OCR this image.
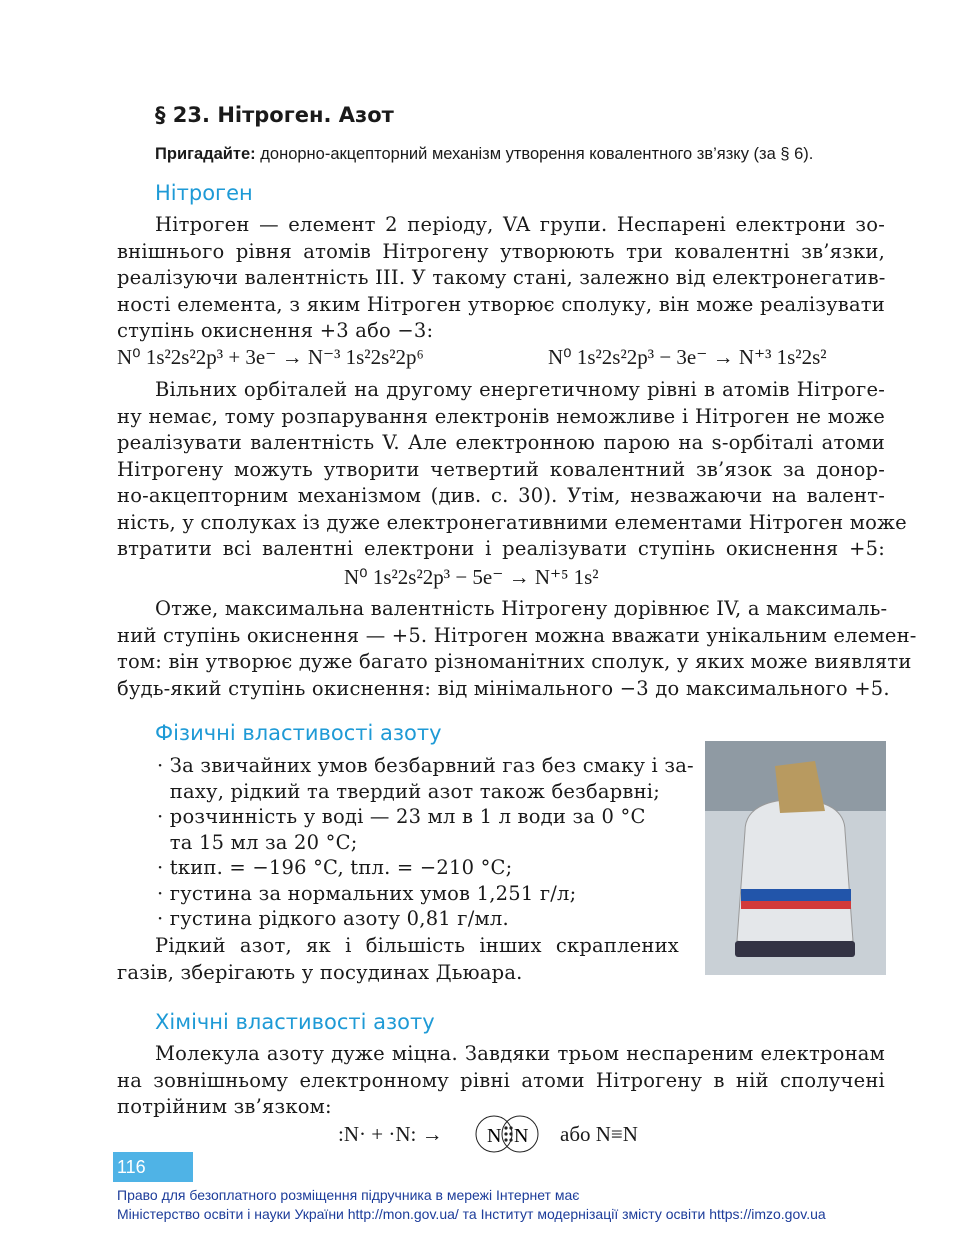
§ 23. Нітроген. Азот
Пригадайте: донорно-акцепторний механізм утворення ковалентного зв’язку (за § 6).
Нітроген
Нітроген — елемент 2 періоду, VA групи. Неспарені електрони зо-
внішнього рівня атомів Нітрогену утворюють три ковалентні зв’язки,
реалізуючи валентність III. У такому стані, залежно від електронегатив-
ності елемента, з яким Нітроген утворює сполуку, він може реалізувати
ступінь окиснення +3 або −3:
N⁰ 1s²2s²2p³ + 3e⁻ → N⁻³ 1s²2s²2p⁶	N⁰ 1s²2s²2p³ − 3e⁻ → N⁺³ 1s²2s²
Вільних орбіталей на другому енергетичному рівні в атомів Нітроге-
ну немає, тому розпарування електронів неможливе і Нітроген не може
реалізувати валентність V. Але електронною парою на s-орбіталі атоми
Нітрогену можуть утворити четвертий ковалентний зв’язок за донор-
но-акцепторним механізмом (див. с. 30). Утім, незважаючи на валент-
ність, у сполуках із дуже електронегативними елементами Нітроген може
втратити всі валентні електрони і реалізувати ступінь окиснення +5:
N⁰ 1s²2s²2p³ − 5e⁻ → N⁺⁵ 1s²
Отже, максимальна валентність Нітрогену дорівнює IV, а максималь-
ний ступінь окиснення — +5. Нітроген можна вважати унікальним елемен-
том: він утворює дуже багато різноманітних сполук, у яких може виявляти
будь-який ступінь окиснення: від мінімального −3 до максимального +5.
Фізичні властивості азоту
· За звичайних умов безбарвний газ без смаку і за-
паху, рідкий та твердий азот також безбарвні;
· розчинність у воді — 23 мл в 1 л води за 0 °C
та 15 мл за 20 °C;
· tкип. = −196 °C, tпл. = −210 °C;
· густина за нормальних умов 1,251 г/л;
· густина рідкого азоту 0,81 г/мл.
Рідкий азот, як і більшість інших скраплених
газів, зберігають у посудинах Дьюара.
Хімічні властивості азоту
Молекула азоту дуже міцна. Завдяки трьом неспареним електронам
на зовнішньому електронному рівні атоми Нітрогену в ній сполучені
потрійним зв’язком:
:N· + ·N: → N N або N≡N
116
Право для безоплатного розміщення підручника в мережі Інтернет має
Міністерство освіти і науки України http://mon.gov.ua/ та Інститут модернізації змісту освіти https://imzo.gov.ua
